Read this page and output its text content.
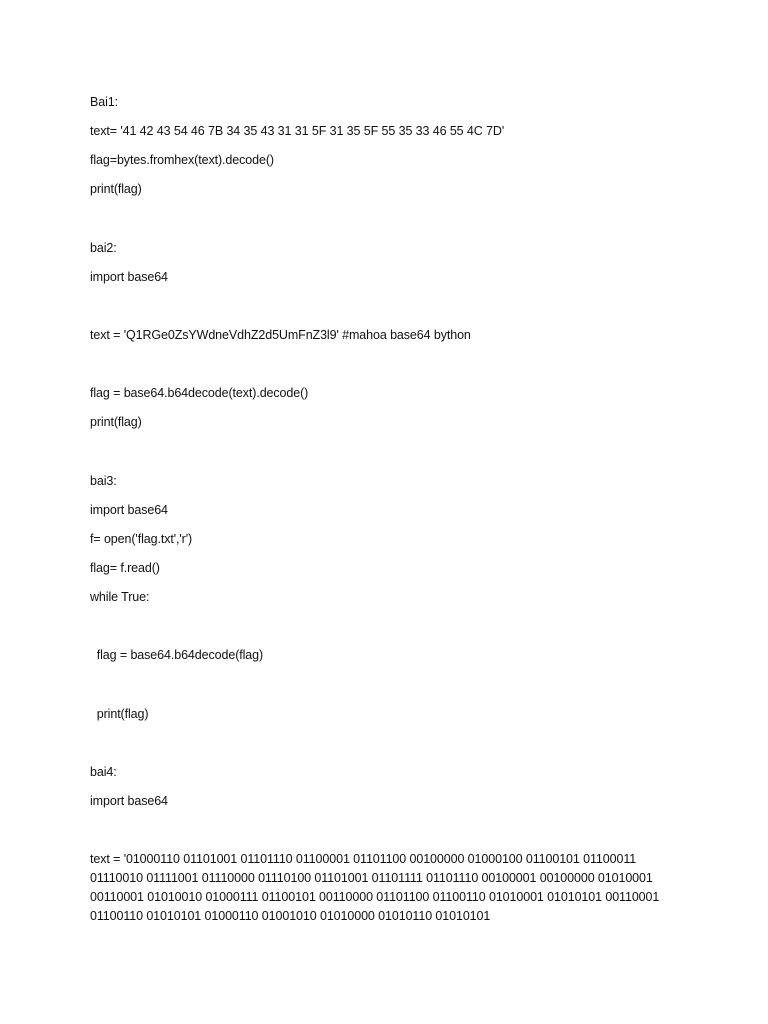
Bai1:
text= '41 42 43 54 46 7B 34 35 43 31 31 5F 31 35 5F 55 35 33 46 55 4C 7D'
flag=bytes.fromhex(text).decode()
print(flag)
bai2:
import base64
text = 'Q1RGe0ZsYWdneVdhZ2d5UmFnZ3l9' #mahoa base64 bython
flag = base64.b64decode(text).decode()
print(flag)
bai3:
import base64
f= open('flag.txt','r')
flag= f.read()
while True:
flag = base64.b64decode(flag)
print(flag)
bai4:
import base64
text = '01000110 01101001 01101110 01100001 01101100 00100000 01000100 01100101 01100011 01110010 01111001 01110000 01110100 01101001 01101111 01101110 00100001 00100000 01010001 00110001 01010010 01000111 01100101 00110000 01101100 01100110 01010001 01010101 00110001 01100110 01010101 01000110 01001010 01010000 01010110 01010101
